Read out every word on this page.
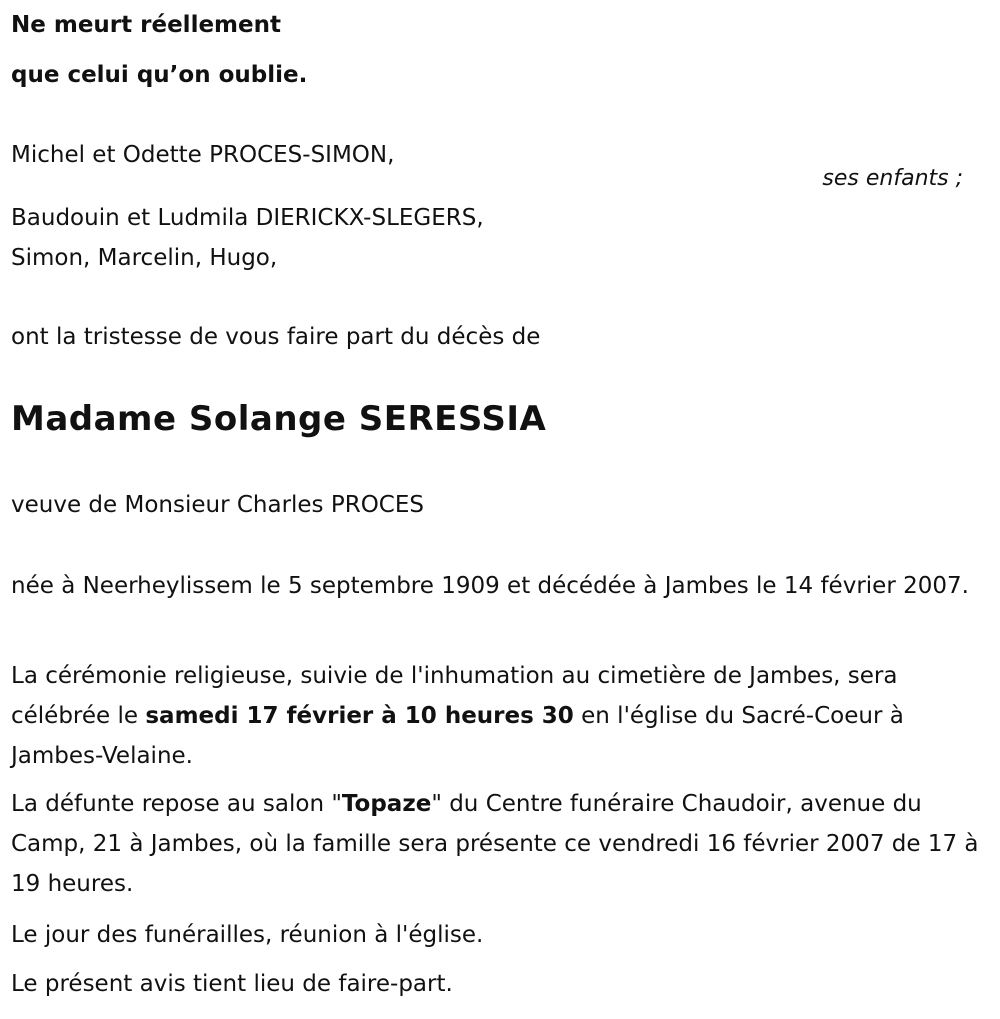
Ne meurt réellement
que celui qu’on oublie.
Michel et Odette PROCES-SIMON,
ses enfants ;
Baudouin et Ludmila DIERICKX-SLEGERS,
Simon, Marcelin, Hugo,
ont la tristesse de vous faire part du décès de
Madame Solange SERESSIA
veuve de Monsieur Charles PROCES
née à Neerheylissem le 5 septembre 1909 et décédée à Jambes le 14 février 2007.
La cérémonie religieuse, suivie de l'inhumation au cimetière de Jambes, sera célébrée le samedi 17 février à 10 heures 30 en l'église du Sacré-Coeur à Jambes-Velaine.
La défunte repose au salon "Topaze" du Centre funéraire Chaudoir, avenue du Camp, 21 à Jambes, où la famille sera présente ce vendredi 16 février 2007 de 17 à 19 heures.
Le jour des funérailles, réunion à l'église.
Le présent avis tient lieu de faire-part.
